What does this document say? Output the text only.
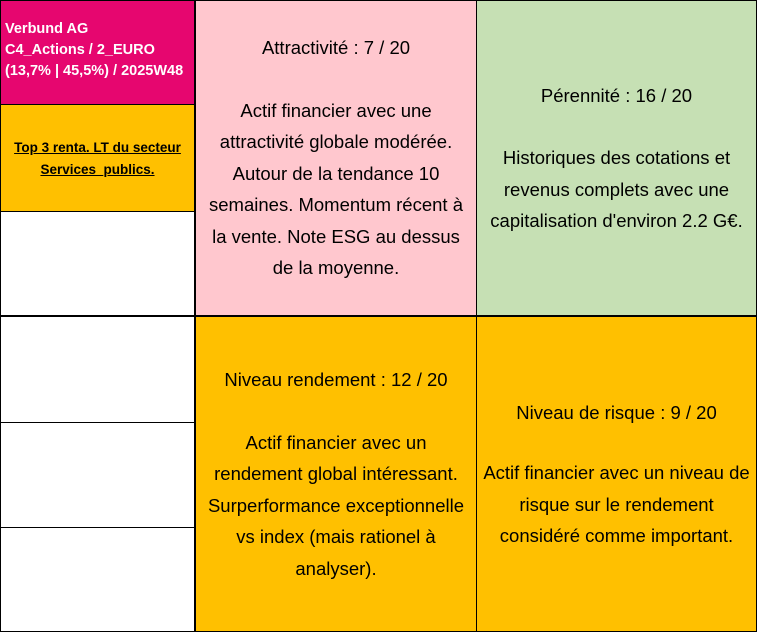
Verbund AG
C4_Actions / 2_EURO
(13,7% | 45,5%) / 2025W48
Top 3 renta. LT du secteur
Services_publics.
Attractivité : 7 / 20
Actif financier avec une attractivité globale modérée. Autour de la tendance 10 semaines. Momentum récent à la vente. Note ESG au dessus de la moyenne.
Pérennité : 16 / 20
Historiques des cotations et revenus complets avec une capitalisation d'environ 2.2 G€.
Niveau rendement : 12 / 20
Actif financier avec un rendement global intéressant. Surperformance exceptionnelle vs index (mais rationel à analyser).
Niveau de risque : 9 / 20
Actif financier avec un niveau de risque sur le rendement considéré comme important.
